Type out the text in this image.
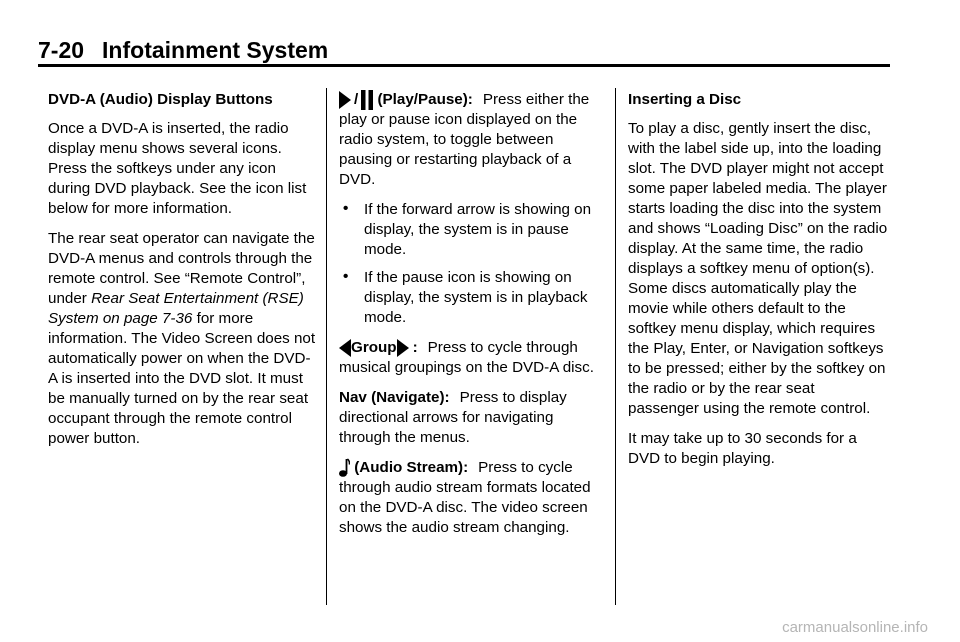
7-20 Infotainment System

DVD-A (Audio) Display Buttons

Once a DVD-A is inserted, the radio display menu shows several icons. Press the softkeys under any icon during DVD playback. See the icon list below for more information.

The rear seat operator can navigate the DVD-A menus and controls through the remote control. See “Remote Control”, under Rear Seat Entertainment (RSE) System on page 7-36 for more information. The Video Screen does not automatically power on when the DVD-A is inserted into the DVD slot. It must be manually turned on by the rear seat occupant through the remote control power button.

/ (Play/Pause): Press either the play or pause icon displayed on the radio system, to toggle between pausing or restarting playback of a DVD.

• If the forward arrow is showing on display, the system is in pause mode.
• If the pause icon is showing on display, the system is in playback mode.

Group : Press to cycle through musical groupings on the DVD-A disc.

Nav (Navigate): Press to display directional arrows for navigating through the menus.

(Audio Stream): Press to cycle through audio stream formats located on the DVD-A disc. The video screen shows the audio stream changing.

Inserting a Disc

To play a disc, gently insert the disc, with the label side up, into the loading slot. The DVD player might not accept some paper labeled media. The player starts loading the disc into the system and shows “Loading Disc” on the radio display. At the same time, the radio displays a softkey menu of option(s). Some discs automatically play the movie while others default to the softkey menu display, which requires the Play, Enter, or Navigation softkeys to be pressed; either by the softkey on the radio or by the rear seat passenger using the remote control.

It may take up to 30 seconds for a DVD to begin playing.

carmanualsonline.info
